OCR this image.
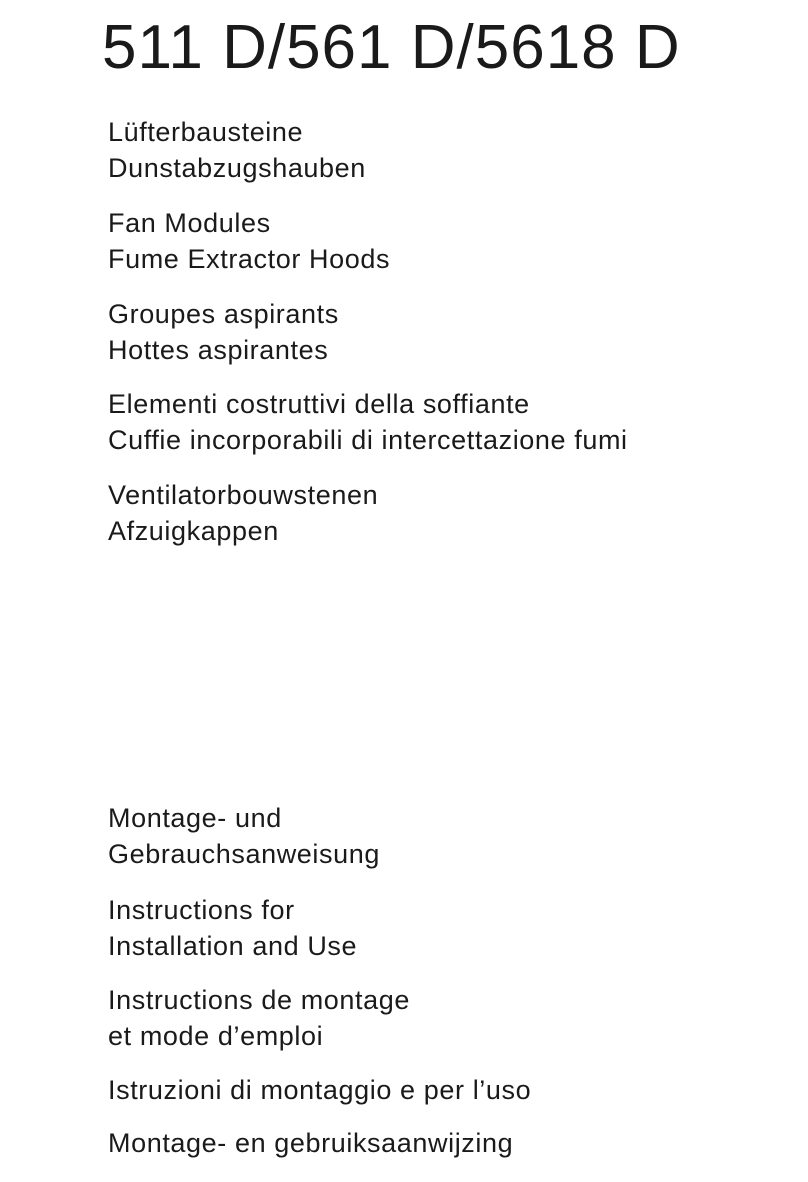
511 D/561 D/5618 D

Lüfterbausteine
Dunstabzugshauben

Fan Modules
Fume Extractor Hoods

Groupes aspirants
Hottes aspirantes

Elementi costruttivi della soffiante
Cuffie incorporabili di intercettazione fumi

Ventilatorbouwstenen
Afzuigkappen

Montage- und
Gebrauchsanweisung

Instructions for
Installation and Use

Instructions de montage
et mode d’emploi

Istruzioni di montaggio e per l’uso

Montage- en gebruiksaanwijzing
